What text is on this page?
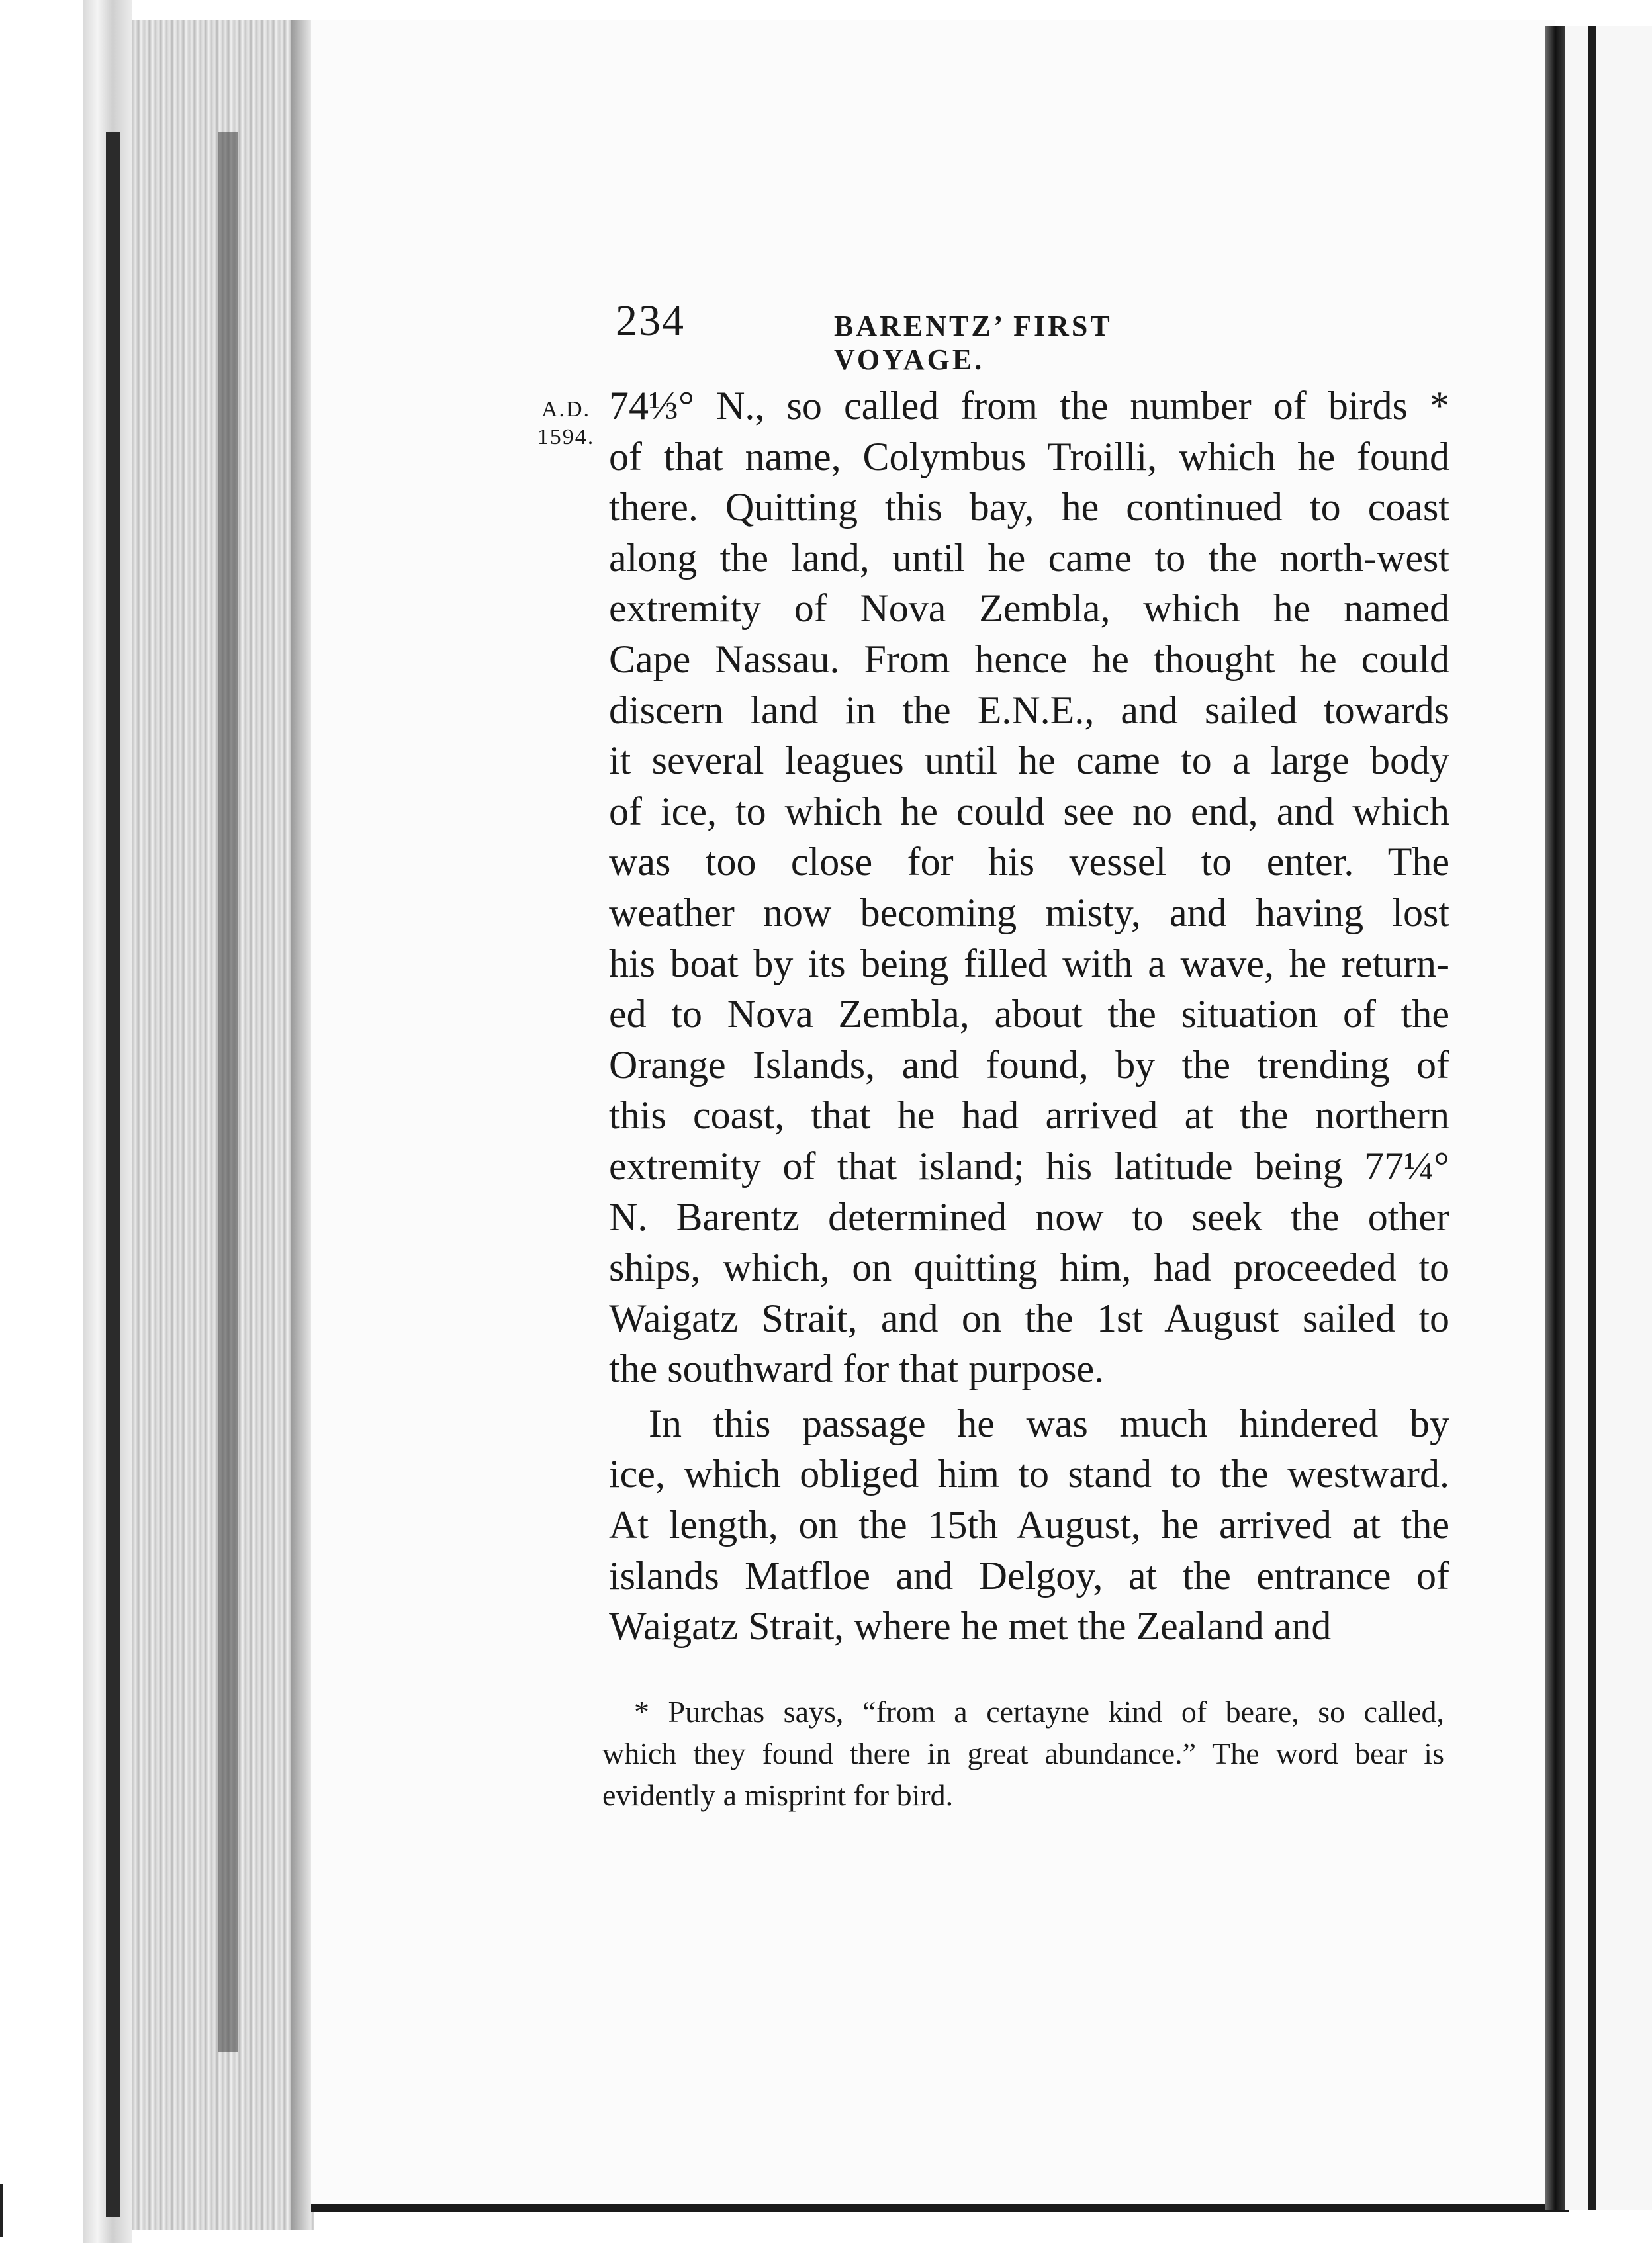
234	BARENTZ’ FIRST VOYAGE.
A.D.
1594.
74⅓° N., so called from the number of birds *
of that name, Colymbus Troilli, which he found
there. Quitting this bay, he continued to coast
along the land, until he came to the north-west
extremity of Nova Zembla, which he named
Cape Nassau. From hence he thought he could
discern land in the E.N.E., and sailed towards
it several leagues until he came to a large body
of ice, to which he could see no end, and which
was too close for his vessel to enter. The
weather now becoming misty, and having lost
his boat by its being filled with a wave, he return-
ed to Nova Zembla, about the situation of the
Orange Islands, and found, by the trending of
this coast, that he had arrived at the northern
extremity of that island; his latitude being 77¼°
N. Barentz determined now to seek the other
ships, which, on quitting him, had proceeded to
Waigatz Strait, and on the 1st August sailed to
the southward for that purpose.
In this passage he was much hindered by
ice, which obliged him to stand to the westward.
At length, on the 15th August, he arrived at the
islands Matfloe and Delgoy, at the entrance of
Waigatz Strait, where he met the Zealand and
* Purchas says, “from a certayne kind of beare, so called,
which they found there in great abundance.” The word bear is
evidently a misprint for bird.
